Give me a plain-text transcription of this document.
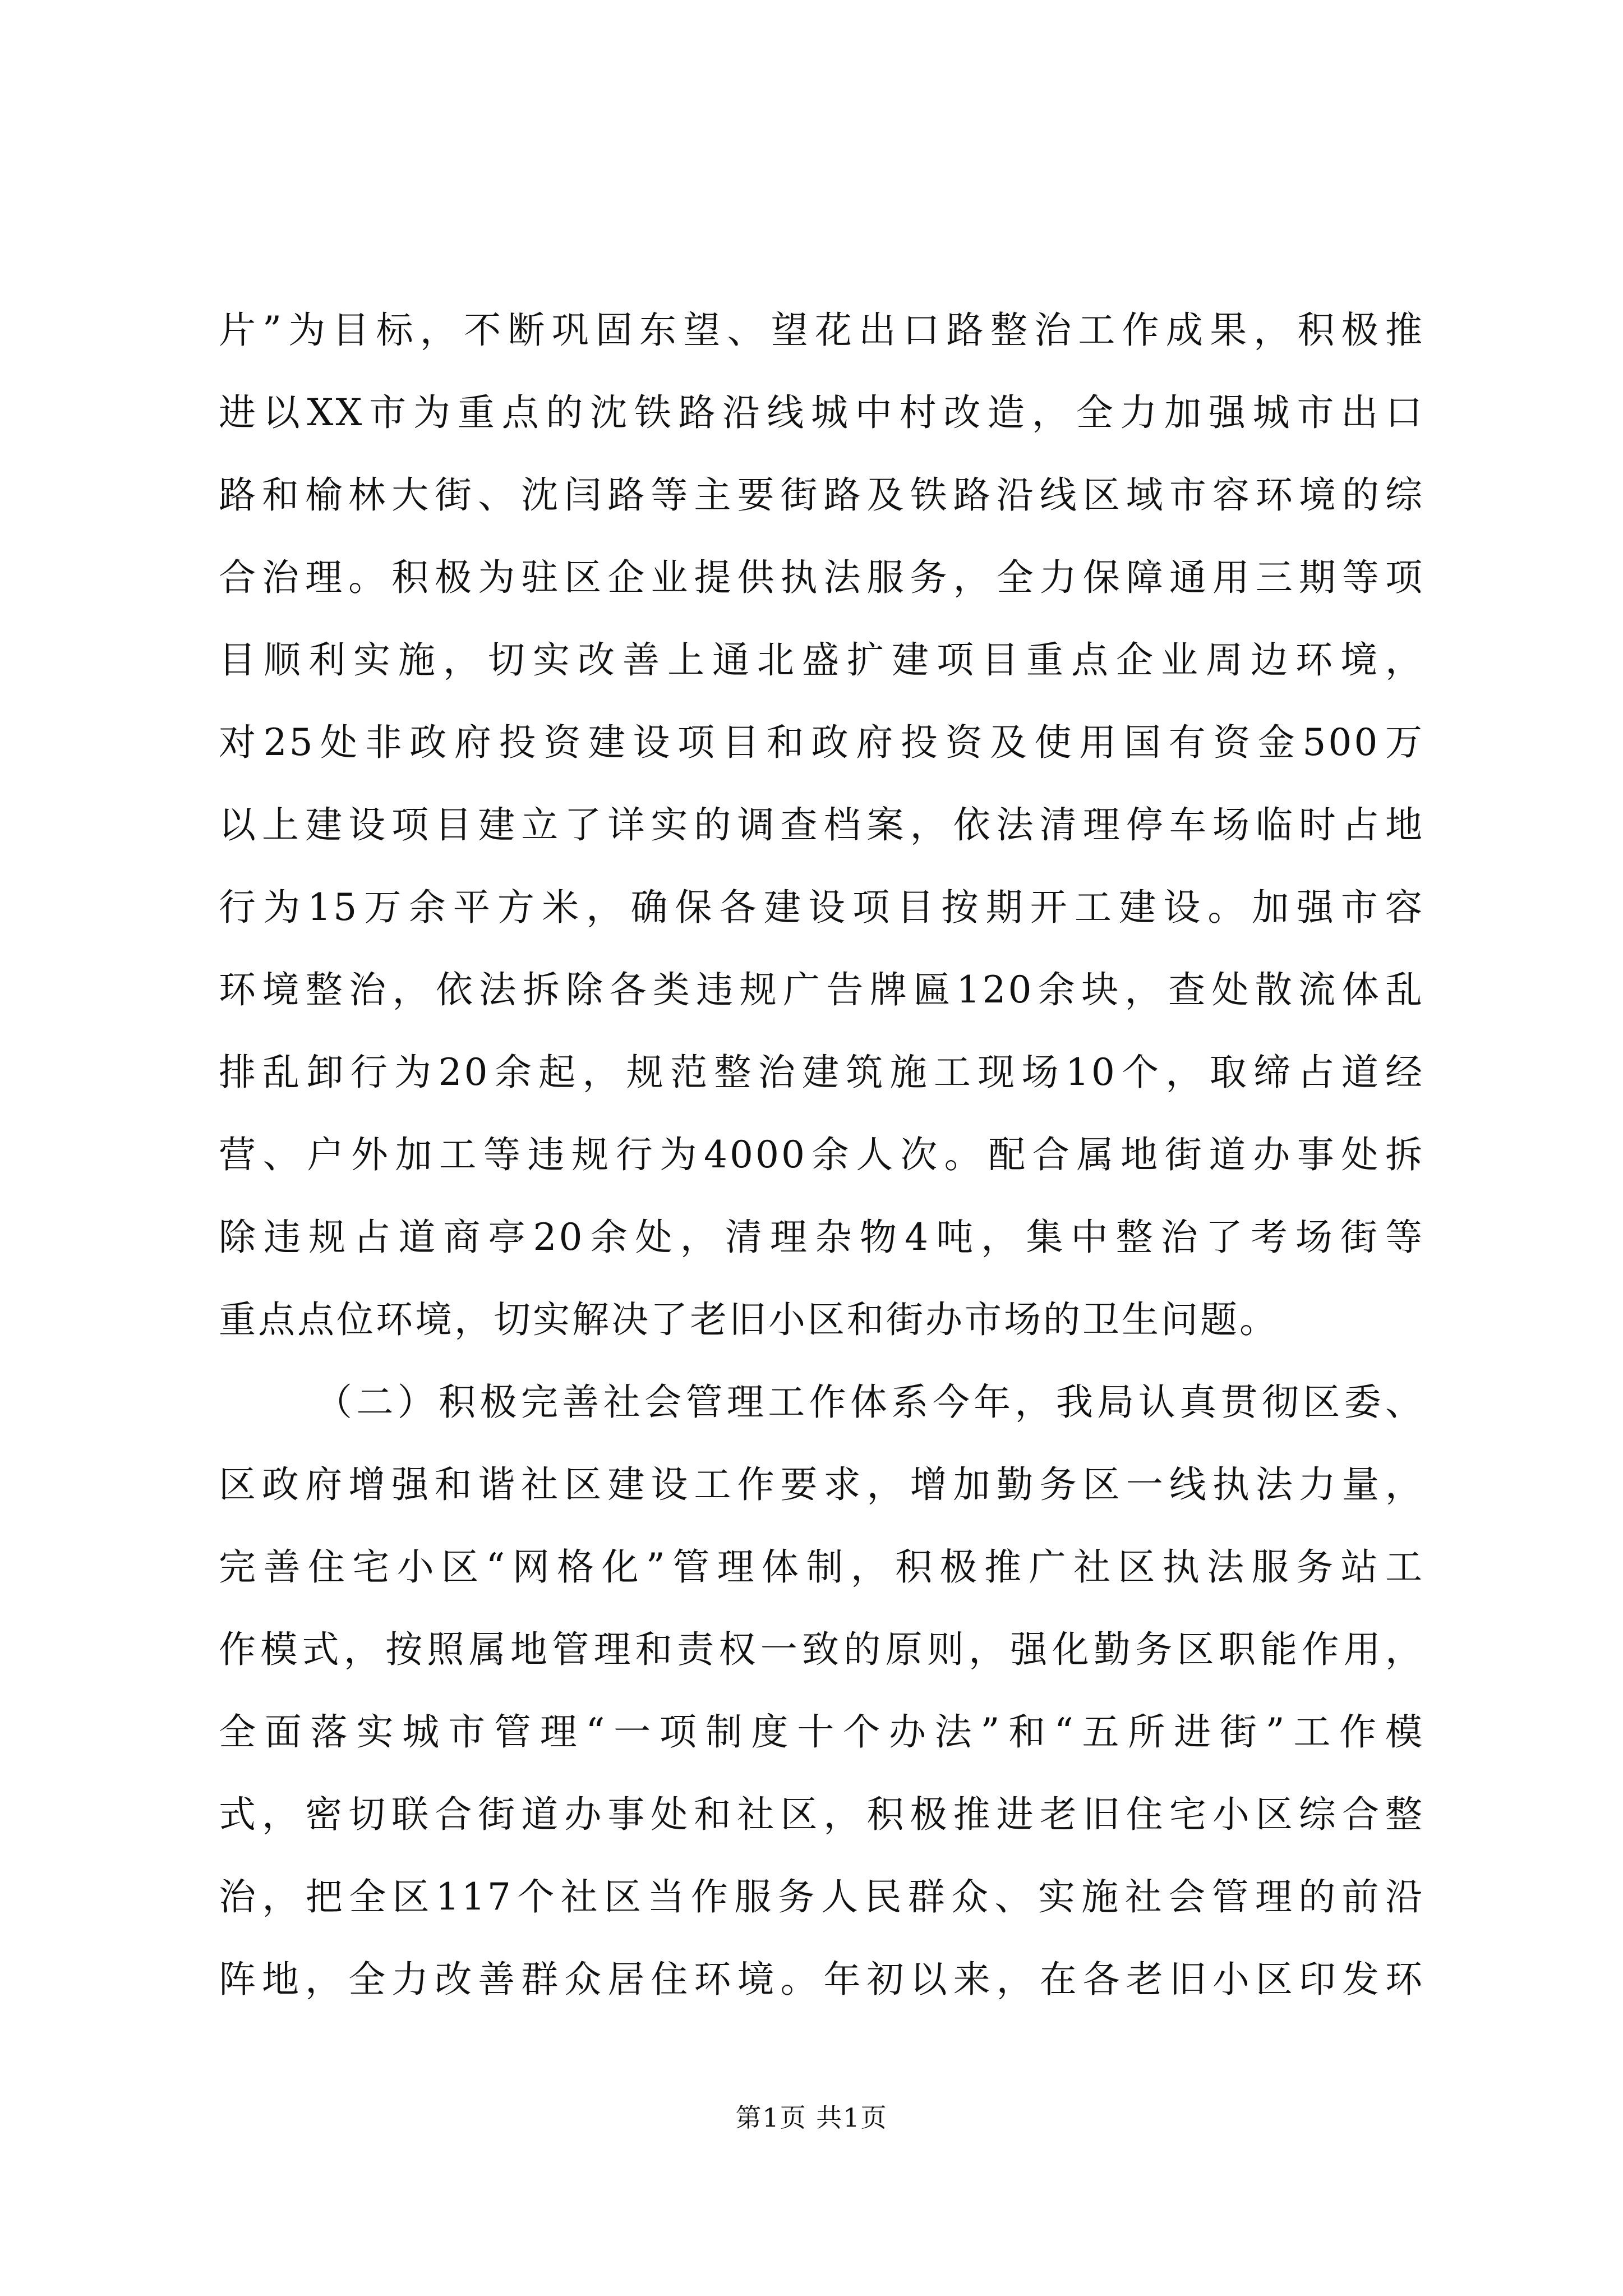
片”为目标，不断巩固东望、望花出口路整治工作成果，积极推
进以XX市为重点的沈铁路沿线城中村改造，全力加强城市出口
路和榆林大街、沈闫路等主要街路及铁路沿线区域市容环境的综
合治理。积极为驻区企业提供执法服务，全力保障通用三期等项
目顺利实施，切实改善上通北盛扩建项目重点企业周边环境，
对25处非政府投资建设项目和政府投资及使用国有资金500万
以上建设项目建立了详实的调查档案，依法清理停车场临时占地
行为15万余平方米，确保各建设项目按期开工建设。加强市容
环境整治，依法拆除各类违规广告牌匾120余块，查处散流体乱
排乱卸行为20余起，规范整治建筑施工现场10个，取缔占道经
营、户外加工等违规行为4000余人次。配合属地街道办事处拆
除违规占道商亭20余处，清理杂物4吨，集中整治了考场街等
重点点位环境，切实解决了老旧小区和街办市场的卫生问题。
（二）积极完善社会管理工作体系今年，我局认真贯彻区委、
区政府增强和谐社区建设工作要求，增加勤务区一线执法力量，
完善住宅小区“网格化”管理体制，积极推广社区执法服务站工
作模式，按照属地管理和责权一致的原则，强化勤务区职能作用，
全面落实城市管理“一项制度十个办法”和“五所进街”工作模
式，密切联合街道办事处和社区，积极推进老旧住宅小区综合整
治，把全区117个社区当作服务人民群众、实施社会管理的前沿
阵地，全力改善群众居住环境。年初以来，在各老旧小区印发环
第1页 共1页
